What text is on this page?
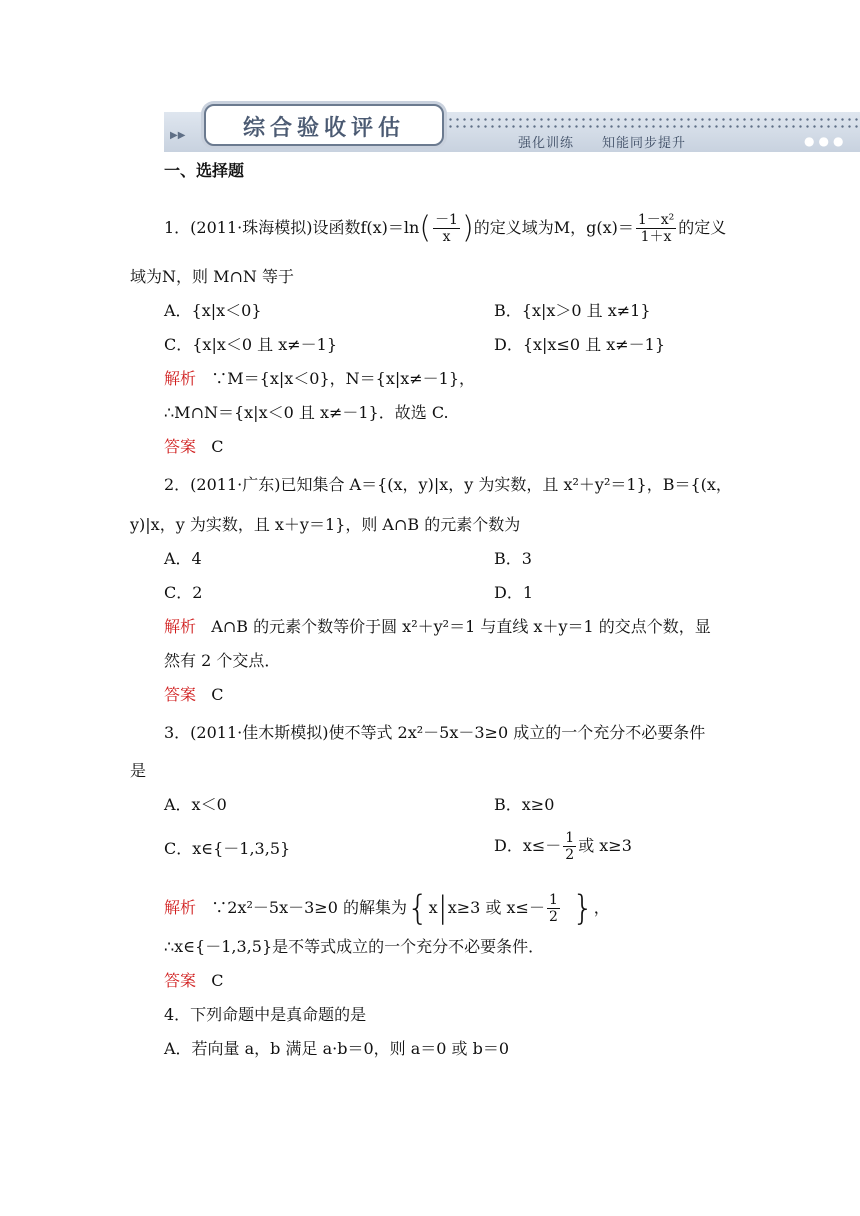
▶▶	综合验收评估
强化训练　　知能同步提升	●●●
一、选择题
1．(2011·珠海模拟)设函数$f(x)=\ln( \frac{-1}{x}$ )的定义域为M，$g(x)= \frac{\text{1－x²}}{1+x}$ 的定义
域为N，则 M∩N 等于
A．{x|x＜0}	B．{x|x＞0 且 x≠1}
C．{x|x＜0 且 x≠－1}	D．{x|x≤0 且 x≠－1}
解析 ∵M＝{x|x＜0}，N＝{x|x≠－1}，
∴M∩N＝{x|x＜0 且 x≠－1}．故选 C.
答案 C
2．(2011·广东)已知集合 A＝{(x，y)|x，y 为实数，且 x²＋y²＝1}，B＝{(x，
y)|x，y 为实数，且 x＋y＝1}，则 A∩B 的元素个数为
A．4	B．3
C．2	D．1
解析 A∩B 的元素个数等价于圆 x²＋y²＝1 与直线 x＋y＝1 的交点个数，显
然有 2 个交点．
答案 C
3．(2011·佳木斯模拟)使不等式 2x²－5x－3≥0 成立的一个充分不必要条件
是
A．x＜0	B．x≥0
C．x∈{－1,3,5}	D．$x\le- \frac{1}{2}$ 或 x≥3
解析 ∵2x²－5x－3≥0 的解集为{x|x≥3 或 $x\le- \frac{1}{2}$ }，
∴x∈{－1,3,5}是不等式成立的一个充分不必要条件．
答案 C
4．下列命题中是真命题的是
A．若向量 a，b 满足 a·b＝0，则 a＝0 或 b＝0
